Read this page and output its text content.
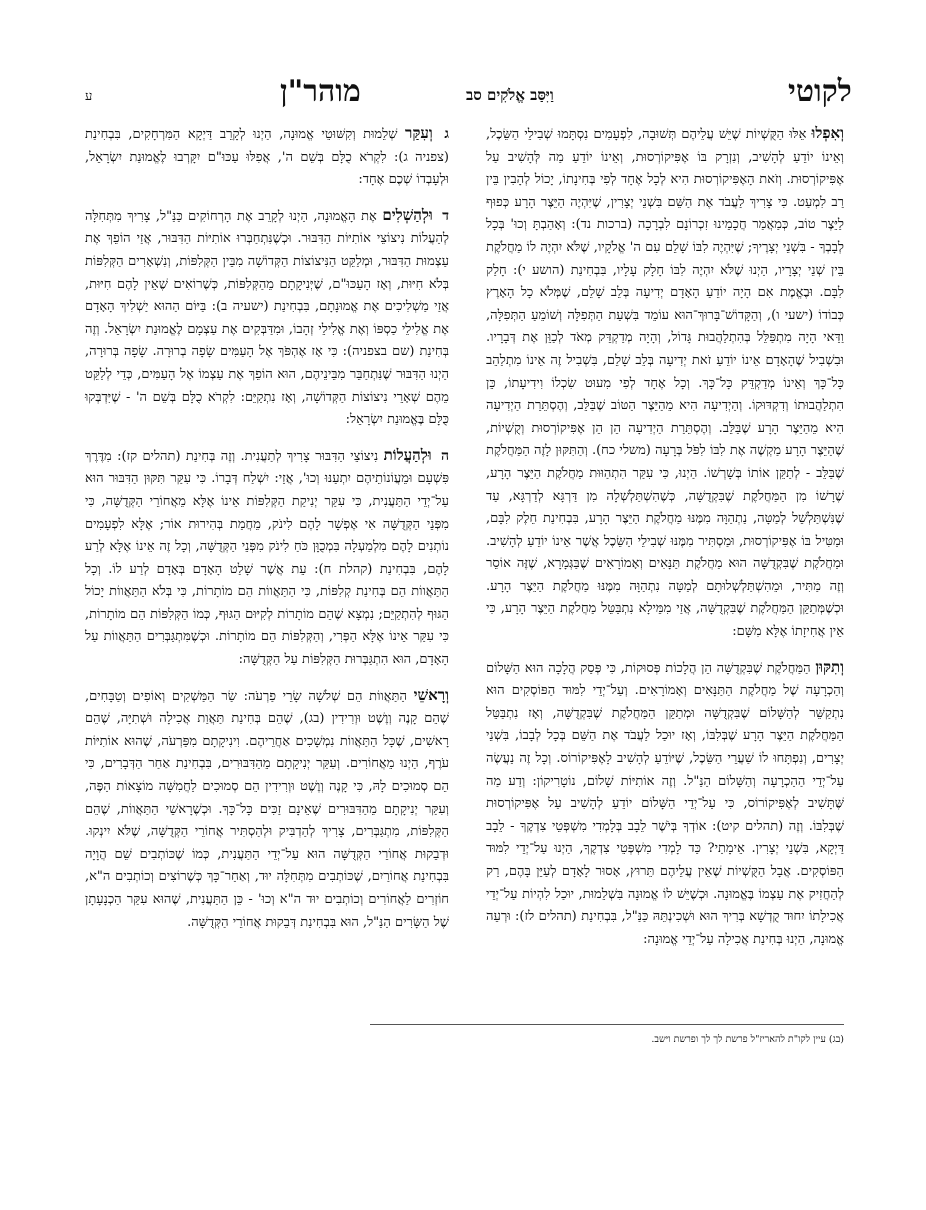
לקוטי
וַיִּסַּב אֱלֹקִים סב
מוהר"ן
ע

וְאִפְלוּ אֵלּוּ הַקֻּשְׁיוֹת שֶׁיֵּשׁ עֲלֵיהֶם תְּשׁוּבָה, לִפְעָמִים נִסְתָּמוּ שְׁבִילֵי הַשֵּׂכֶל, וְאֵינוֹ יוֹדֵעַ לְהָשִׁיב, וְנִזְרָק בּוֹ אֶפִּיקוֹרְסוּת, וְאֵינוֹ יוֹדֵעַ מַה לְּהָשִׁיב עַל אֶפִּיקוֹרְסוּת. וְזֹאת הָאֶפִּיקוֹרְסוּת הִיא לְכָל אֶחָד לְפִי בְּחִינָתוֹ, יָכוֹל לְהָבִין בֵּין רַב לִמְעַט. כִּי צָרִיךְ לַעֲבֹד אֶת הַשֵּׁם בִּשְׁנֵי יְצָרִין, שֶׁיִּהְיֶה הַיֵּצֶר הָרָע כְּפוּף לַיֵּצֶר טוֹב, כְּמַאֲמַר חֲכָמֵינוּ זִכְרוֹנָם לִבְרָכָה (ברכות נד): וְאָהַבְתָּ וְכוּ' בְּכָל לְבָבְךָ - בִּשְׁנֵי יְצָרֶיךָ; שֶׁיִּהְיֶה לִבּוֹ שָׁלֵם עִם ה' אֱלֹקָיו, שֶׁלֹּא יִהְיֶה לוֹ מַחֲלֹקֶת בֵּין שְׁנֵי יְצָרָיו, הַיְנוּ שֶׁלֹּא יִהְיֶה לִבּוֹ חָלָק עָלָיו, בִּבְחִינַת (הושע י): חָלַק לִבָּם. וּבֶאֱמֶת אִם הָיָה יוֹדֵעַ הָאָדָם יְדִיעָה בְּלֵב שָׁלֵם, שֶׁמְּלֹא כָל הָאָרֶץ כְּבוֹדוֹ (ישעי ו), וְהַקָּדוֹשׁ־בָּרוּךְ־הוּא עוֹמֵד בִּשְׁעַת הַתְּפִלָּה וְשׁוֹמֵעַ הַתְּפִלָּה, וַדַּאי הָיָה מִתְפַּלֵּל בְּהִתְלַהֲבוּת גָּדוֹל, וְהָיָה מְדַקְדֵּק מְאֹד לְכַוֵּן אֶת דְּבָרָיו. וּבִשְׁבִיל שֶׁהָאָדָם אֵינוֹ יוֹדֵעַ זֹאת יְדִיעָה בְּלֵב שָׁלֵם, בִּשְׁבִיל זֶה אֵינוֹ מִתְלַהֵב כָּל־כָּךְ וְאֵינוֹ מְדַקְדֵּק כָּל־כָּךְ. וְכָל אֶחָד לְפִי מִעוּט שִׂכְלוֹ וִידִיעָתוֹ, כֵּן הִתְלַהֲבוּתוֹ וְדִקְדּוּקוֹ. וְהַיְדִיעָה הִיא מֵהַיֵּצֶר הַטּוֹב שֶׁבַּלֵּב, וְהֶסְתֵּרַת הַיְדִיעָה הִיא מֵהַיֵּצֶר הָרָע שֶׁבַּלֵּב. וְהֶסְתֵּרַת הַיְדִיעָה הֵן הֵן אֶפִּיקוֹרְסוּת וְקֻשְׁיוֹת, שֶׁהַיֵּצֶר הָרָע מַקְשֶׁה אֶת לִבּוֹ לִפֹּל בְּרָעָה (משלי כח). וְהַתִּקּוּן לָזֶה הַמַּחֲלֹקֶת שֶׁבַּלֵּב - לְתַקֵּן אוֹתוֹ בְּשָׁרְשׁוֹ. הַיְנוּ, כִּי עִקַּר הִתְהַוּוּת מַחֲלֹקֶת הַיֵּצֶר הָרָע, שֶׁרָשׁוֹ מִן הַמַּחֲלֹקֶת שֶׁבִּקְדֻשָּׁה, כְּשֶׁהִשְׁתַּלְשְׁלָה מִן דַּרְגָּא לְדַרְגָּא, עַד שֶׁנִּשְׁתַּלְשֵׁל לְמַטָּה, נַתְהַוָּה מִמֶּנּוּ מַחֲלֹקֶת הַיֵּצֶר הָרָע, בִּבְחִינַת חֵלֶק לִבָּם, וּמַטִּיל בּוֹ אֶפִּיקוֹרְסוּת, וּמַסְתִּיר מִמֶּנּוּ שְׁבִילֵי הַשֵּׂכֶל אֲשֶׁר אֵינוֹ יוֹדֵעַ לְהָשִׁיב. וּמַחֲלֹקֶת שֶׁבִּקְדֻשָּׁה הוּא מַחֲלֹקֶת תַּנָּאִים וְאָמוֹרָאִים שֶׁבַּגְּמָרָא, שֶׁזֶּה אוֹסֵר וְזֶה מַתִּיר, וּמֵהִשְׁתַּלְשְׁלוּתָם לְמַטָּה נִתְהַוָּה מִמֶּנּוּ מַחֲלֹקֶת הַיֵּצֶר הָרָע. וּכְשֶׁמְּתַקֵּן הַמַּחֲלֹקֶת שֶׁבִּקְדֻשָּׁה, אֲזַי מִמֵּילָא נִתְבַּטֵּל מַחֲלֹקֶת הַיֵּצֶר הָרָע, כִּי אֵין אֲחִיזָתוֹ אֶלָּא מִשָּׁם:

וְתִקּוּן הַמַּחֲלֹקֶת שֶׁבִּקְדֻשָּׁה הֵן הֲלָכוֹת פְּסוּקוֹת, כִּי פְּסַק הֲלָכָה הוּא הַשָּׁלוֹם וְהַכְרָעָה שֶׁל מַחֲלֹקֶת הַתַּנָּאִים וְאָמוֹרָאִים. וְעַל־יְדֵי לִמּוּד הַפּוֹסְקִים הוּא נִתְקַשֵּׁר לְהַשָּׁלוֹם שֶׁבִּקְדֻשָּׁה וּמְתַקֵּן הַמַּחֲלֹקֶת שֶׁבִּקְדֻשָּׁה, וְאָז נִתְבַּטֵּל הַמַּחֲלֹקֶת הַיֵּצֶר הָרָע שֶׁבְּלִבּוֹ, וְאָז יוּכַל לַעֲבֹד אֶת הַשֵּׁם בְּכָל לְבָבוֹ, בִּשְׁנֵי יְצָרִים, וְנִפְתָּחוּ לוֹ שַׁעֲרֵי הַשֵּׂכֶל, שֶׁיּוֹדֵעַ לְהָשִׁיב לָאֶפִּיקוֹרוֹס. וְכָל זֶה נַעֲשֶׂה עַל־יְדֵי הַהַכְרָעָה וְהַשָּׁלוֹם הַנַּ"ל. וְזֶה אוֹתִיּוֹת שָׁלוֹם, נוֹטָרִיקוֹן: וְדַע מַה שֶּׁתָּשִׁיב לְאֶפִּיקוֹרוֹס, כִּי עַל־יְדֵי הַשָּׁלוֹם יוֹדֵעַ לְהָשִׁיב עַל אֶפִּיקוֹרְסוּת שֶׁבְּלִבּוֹ. וְזֶה (תהלים קיט): אוֹדְךָ בְּיֹשֶׁר לֵבָב בְּלָמְדִי מִשְׁפְּטֵי צִדְקֶךָ - לֵבָב דַּיְקָא, בִּשְׁנֵי יְצָרִין. אֵימָתַי? כַּד לָמְדִי מִשְׁפְּטֵי צִדְקֶךָ, הַיְנוּ עַל־יְדֵי לִמּוּד הַפּוֹסְקִים. אֲבָל הַקֻּשְׁיוֹת שֶׁאֵין עֲלֵיהֶם תֵּרוּץ, אָסוּר לָאָדָם לְעַיֵּן בָּהֶם, רַק לְהַחֲזִיק אֶת עַצְמוֹ בֶּאֱמוּנָה. וּכְשֶׁיֵּשׁ לוֹ אֱמוּנָה בִּשְׁלֵמוּת, יוּכַל לִהְיוֹת עַל־יְדֵי אֲכִילָתוֹ יִחוּד קֻדְשָׁא בְּרִיךְ הוּא וּשְׁכִינְתֵּהּ כַּנַּ"ל, בִּבְחִינַת (תהלים לז): וּרְעֵה אֱמוּנָה, הַיְנוּ בְּחִינַת אֲכִילָה עַל־יְדֵי אֱמוּנָה:

ג וְעִקַּר שְׁלֵמוּת וְקִשּׁוּטֵי אֱמוּנָה, הַיְנוּ לְקָרֵב דַּיְקָא הַמִּרְחָקִים, בִּבְחִינַת (צפניה ג): לִקְרֹא כֻלָּם בְּשֵׁם ה', אֲפִלּוּ עַכּוּ"ם יִקָּרְבוּ לֶאֱמוּנַת יִשְׂרָאֵל, וּלְעָבְדוֹ שְׁכֶם אֶחָד:

ד וּלְהַשְׁלִים אֶת הָאֱמוּנָה, הַיְנוּ לְקָרֵב אֶת הָרְחוֹקִים כַּנַּ"ל, צָרִיךְ מִתְּחִלָּה לְהַעֲלוֹת נִיצוֹצֵי אוֹתִיּוֹת הַדִּבּוּר. וּכְשֶׁנִּתְחַבְּרוּ אוֹתִיּוֹת הַדִּבּוּר, אֲזַי הוֹפֵךְ אֶת עַצְמוּת הַדִּבּוּר, וּמְלַקֵּט הַנִּיצוֹצוֹת הַקְּדוֹשָׁה מִבֵּין הַקְּלִפּוֹת, וְנִשְׁאָרִים הַקְּלִפּוֹת בְּלֹא חִיּוּת, וְאָז הָעַכּוּ"ם, שֶׁיְּנִיקָתָם מֵהַקְּלִפּוֹת, כְּשֶׁרוֹאִים שֶׁאֵין לָהֶם חִיּוּת, אֲזַי מַשְׁלִיכִים אֶת אֱמוּנָתָם, בִּבְחִינַת (ישעיה ב): בַּיּוֹם הַהוּא יַשְׁלִיךְ הָאָדָם אֶת אֱלִילֵי כַסְפּוֹ וְאֶת אֱלִילֵי זְהָבוֹ, וּמִדַּבְּקִים אֶת עַצְמָם לֶאֱמוּנַת יִשְׂרָאֵל. וְזֶה בְּחִינַת (שם בצפניה): כִּי אָז אֶהְפֹּךְ אֶל הָעַמִּים שָׂפָה בְרוּרָה. שָׂפָה בְּרוּרָה, הַיְנוּ הַדִּבּוּר שֶׁנִּתְחַבֵּר מִבֵּינֵיהֶם, הוּא הוֹפֵךְ אֶת עַצְמוֹ אֶל הָעַמִּים, כְּדֵי לְלַקֵּט מֵהֶם שְׁאָרֵי נִיצוֹצוֹת הַקְּדוֹשָׁה, וְאָז נִתְקַיֵּם: לִקְרֹא כֻלָּם בְּשֵׁם ה' - שֶׁיִּדְבְּקוּ כֻּלָּם בֶּאֱמוּנַת יִשְׂרָאֵל:

ה וּלְהַעֲלוֹת נִיצוֹצֵי הַדִּבּוּר צָרִיךְ לְתַעֲנִית. וְזֶה בְּחִינַת (תהלים קז): מִדֶּרֶךְ פִּשְׁעָם וּמֵעֲוֹנוֹתֵיהֶם יִתְעַנּוּ וְכוּ', אֲזַי: יִשְׁלַח דְּבָרוֹ. כִּי עִקַּר תִּקּוּן הַדִּבּוּר הוּא עַל־יְדֵי הַתַּעֲנִית, כִּי עִקַּר יְנִיקַת הַקְּלִפּוֹת אֵינוֹ אֶלָּא מֵאֲחוֹרֵי הַקְּדֻשָּׁה, כִּי מִפְּנֵי הַקְּדֻשָּׁה אִי אֶפְשָׁר לָהֶם לִינֹק, מֵחֲמַת בְּהִירוּת אוֹר; אֶלָּא לִפְעָמִים נוֹתְנִים לָהֶם מִלְמַעְלָה בִּמְכֻוָּן כֹּחַ לִינֹק מִפְּנֵי הַקְּדֻשָּׁה, וְכָל זֶה אֵינוֹ אֶלָּא לְרַע לָהֶם, בִּבְחִינַת (קהלת ח): עֵת אֲשֶׁר שָׁלַט הָאָדָם בְּאָדָם לְרַע לוֹ. וְכָל הַתַּאֲווֹת הֵם בְּחִינַת קְלִפּוֹת, כִּי הַתַּאֲווֹת הֵם מוֹתָרוֹת, כִּי בְּלֹא הַתַּאֲווֹת יָכוֹל הַגּוּף לְהִתְקַיֵּם; נִמְצָא שֶׁהֵם מוֹתָרוֹת לְקִיּוּם הַגּוּף, כְּמוֹ הַקְּלִפּוֹת הֵם מוֹתָרוֹת, כִּי עִקַּר אֵינוֹ אֶלָּא הַפְּרִי, וְהַקְּלִפּוֹת הֵם מוֹתָרוֹת. וּכְשֶׁמִּתְגַּבְּרִים הַתַּאֲווֹת עַל הָאָדָם, הוּא הִתְגַּבְּרוּת הַקְּלִפּוֹת עַל הַקְּדֻשָּׁה:

וְרָאשֵׁי הַתַּאֲווֹת הֵם שְׁלֹשָׁה שָׂרֵי פַרְעֹה: שַׂר הַמַּשְׁקִים וְאוֹפִים וְטַבָּחִים, שֶׁהֵם קָנֶה וְוֶשֶׁט וּוְרִידִין (בג), שֶׁהֵם בְּחִינַת תַּאֲוַת אֲכִילָה וּשְׁתִיָּה, שֶׁהֵם רָאשִׁים, שֶׁכָּל הַתַּאֲווֹת נִמְשָׁכִים אַחֲרֵיהֶם. וִינִיקָתָם מִפַּרְעֹה, שֶׁהוּא אוֹתִיּוֹת עֹרֶף, הַיְנוּ מֵאֲחוֹרִים. וְעִקַּר יְנִיקָתָם מֵהַדִּבּוּרִים, בִּבְחִינַת אַחַר הַדְּבָרִים, כִּי הֵם סְמוּכִים לָהּ, כִּי קָנֶה וְוֶשֶׁט וּוְרִידִין הֵם סְמוּכִים לַחֲמִשָּׁה מוֹצָאוֹת הַפֶּה, וְעִקַּר יְנִיקָתָם מֵהַדִּבּוּרִים שֶׁאֵינָם זַכִּים כָּל־כָּךְ. וּכְשֶׁרָאשֵׁי הַתַּאֲווֹת, שֶׁהֵם הַקְּלִפּוֹת, מִתְגַּבְּרִים, צָרִיךְ לְהַדְבִּיק וּלְהַסְתִּיר אֲחוֹרֵי הַקְּדֻשָּׁה, שֶׁלֹּא יִינְקוּ. וּדְבֵקוּת אֲחוֹרֵי הַקְּדֻשָּׁה הוּא עַל־יְדֵי הַתַּעֲנִית, כְּמוֹ שֶׁכּוֹתְבִים שֵׁם הֲוָיָה בִּבְחִינַת אֲחוֹרַיִם, שֶׁכּוֹתְבִים מִתְּחִלָּה יוּד, וְאַחַר־כָּךְ כְּשֶׁרוֹצִים וְכוֹתְבִים ה"א, חוֹזְרִים לַאֲחוֹרִים וְכוֹתְבִים יוּד ה"א וְכוּ' - כֵּן הַתַּעֲנִית, שֶׁהוּא עִקַּר הַכְנָעָתָן שֶׁל הַשָּׂרִים הַנַּ"ל, הוּא בִּבְחִינַת דְּבֵקוּת אֲחוֹרֵי הַקְּדֻשָּׁה.

(בג) עיין לקו"ת להאריז"ל פרשת לך לך ופרשת וישב.
